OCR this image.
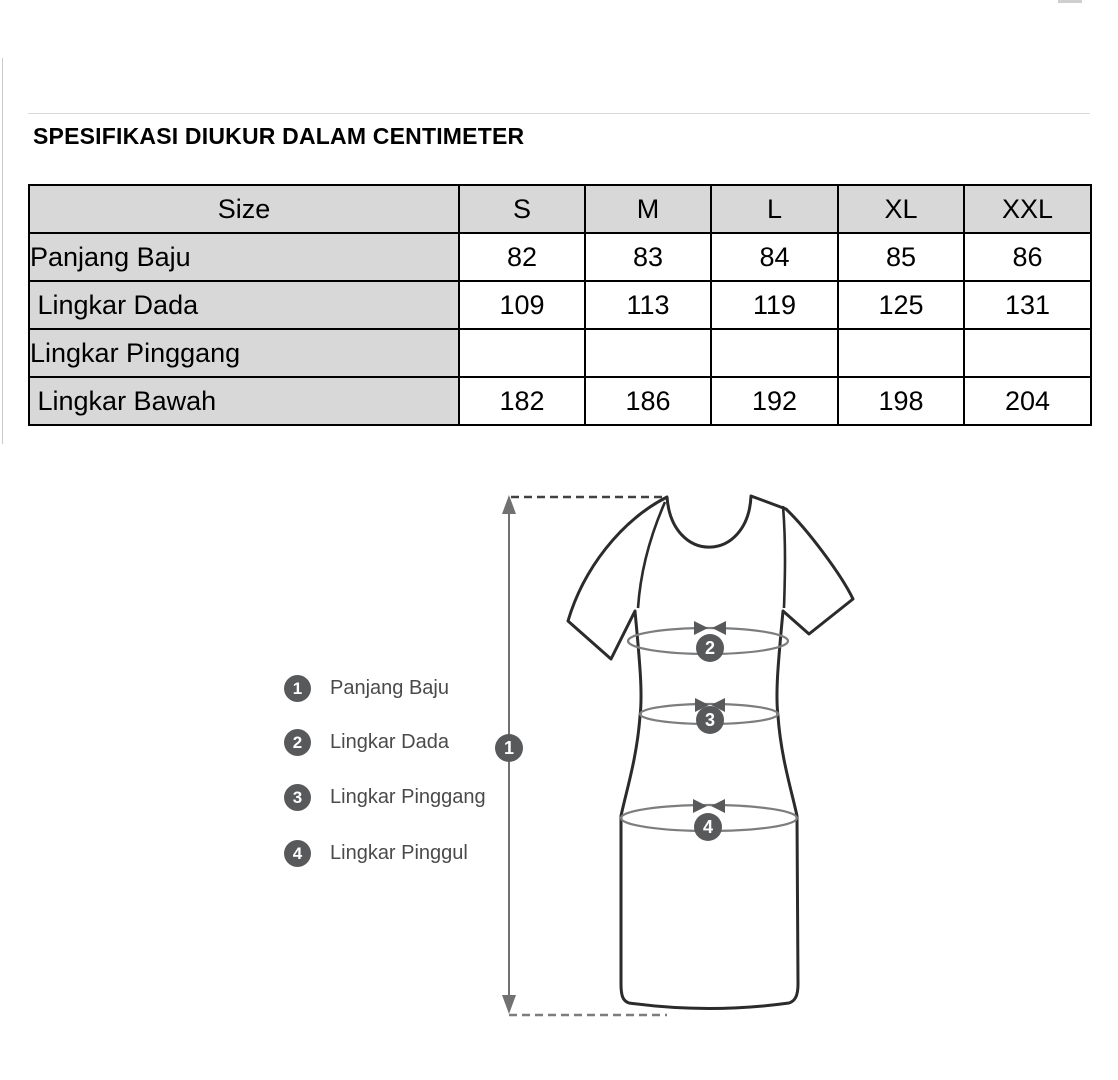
SPESIFIKASI DIUKUR DALAM CENTIMETER
Size	S	M	L	XL	XXL
Panjang Baju	82	83	84	85	86
Lingkar Dada	109	113	119	125	131
Lingkar Pinggang					
Lingkar Bawah	182	186	192	198	204
1
2
3
4
1	Panjang Baju
2	Lingkar Dada
3	Lingkar Pinggang
4	Lingkar Pinggul
